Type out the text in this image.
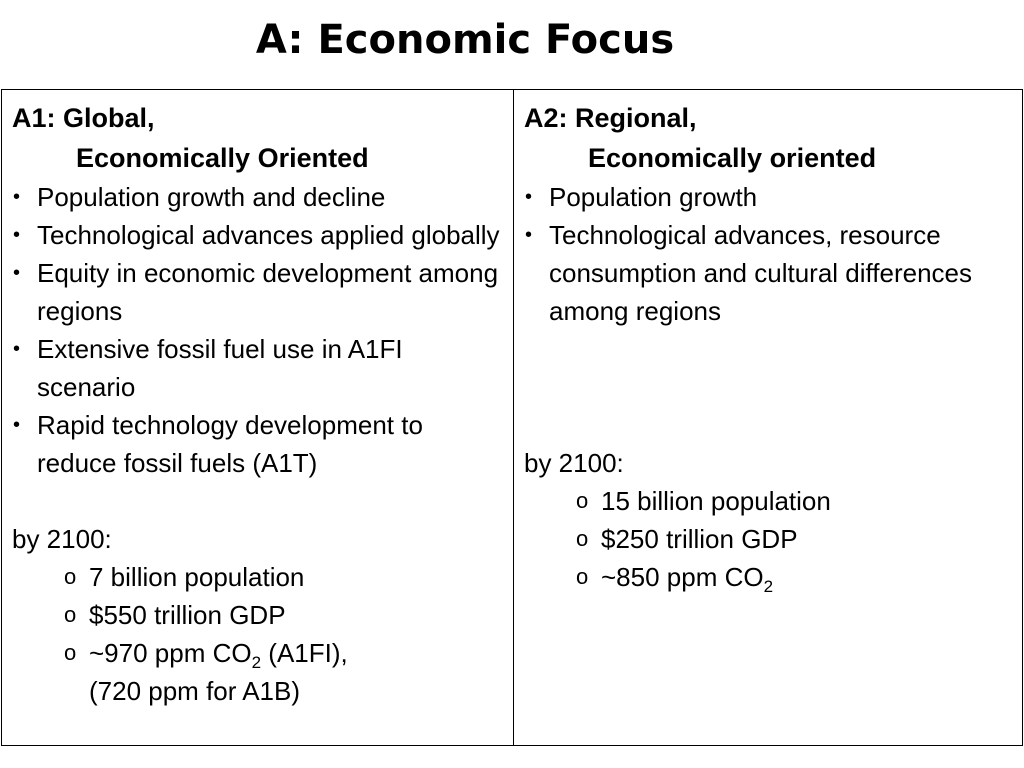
A: Economic Focus
A1: Global,
Economically Oriented
• Population growth and decline
• Technological advances applied globally
• Equity in economic development among regions
• Extensive fossil fuel use in A1FI scenario
• Rapid technology development to reduce fossil fuels (A1T)
by 2100:
o 7 billion population
o $550 trillion GDP
o ~970 ppm $CO_2$ (A1FI),
(720 ppm for A1B)

A2: Regional,
Economically oriented
• Population growth
• Technological advances, resource consumption and cultural differences among regions
by 2100:
o 15 billion population
o $250 trillion GDP
o ~850 ppm $CO_2$
